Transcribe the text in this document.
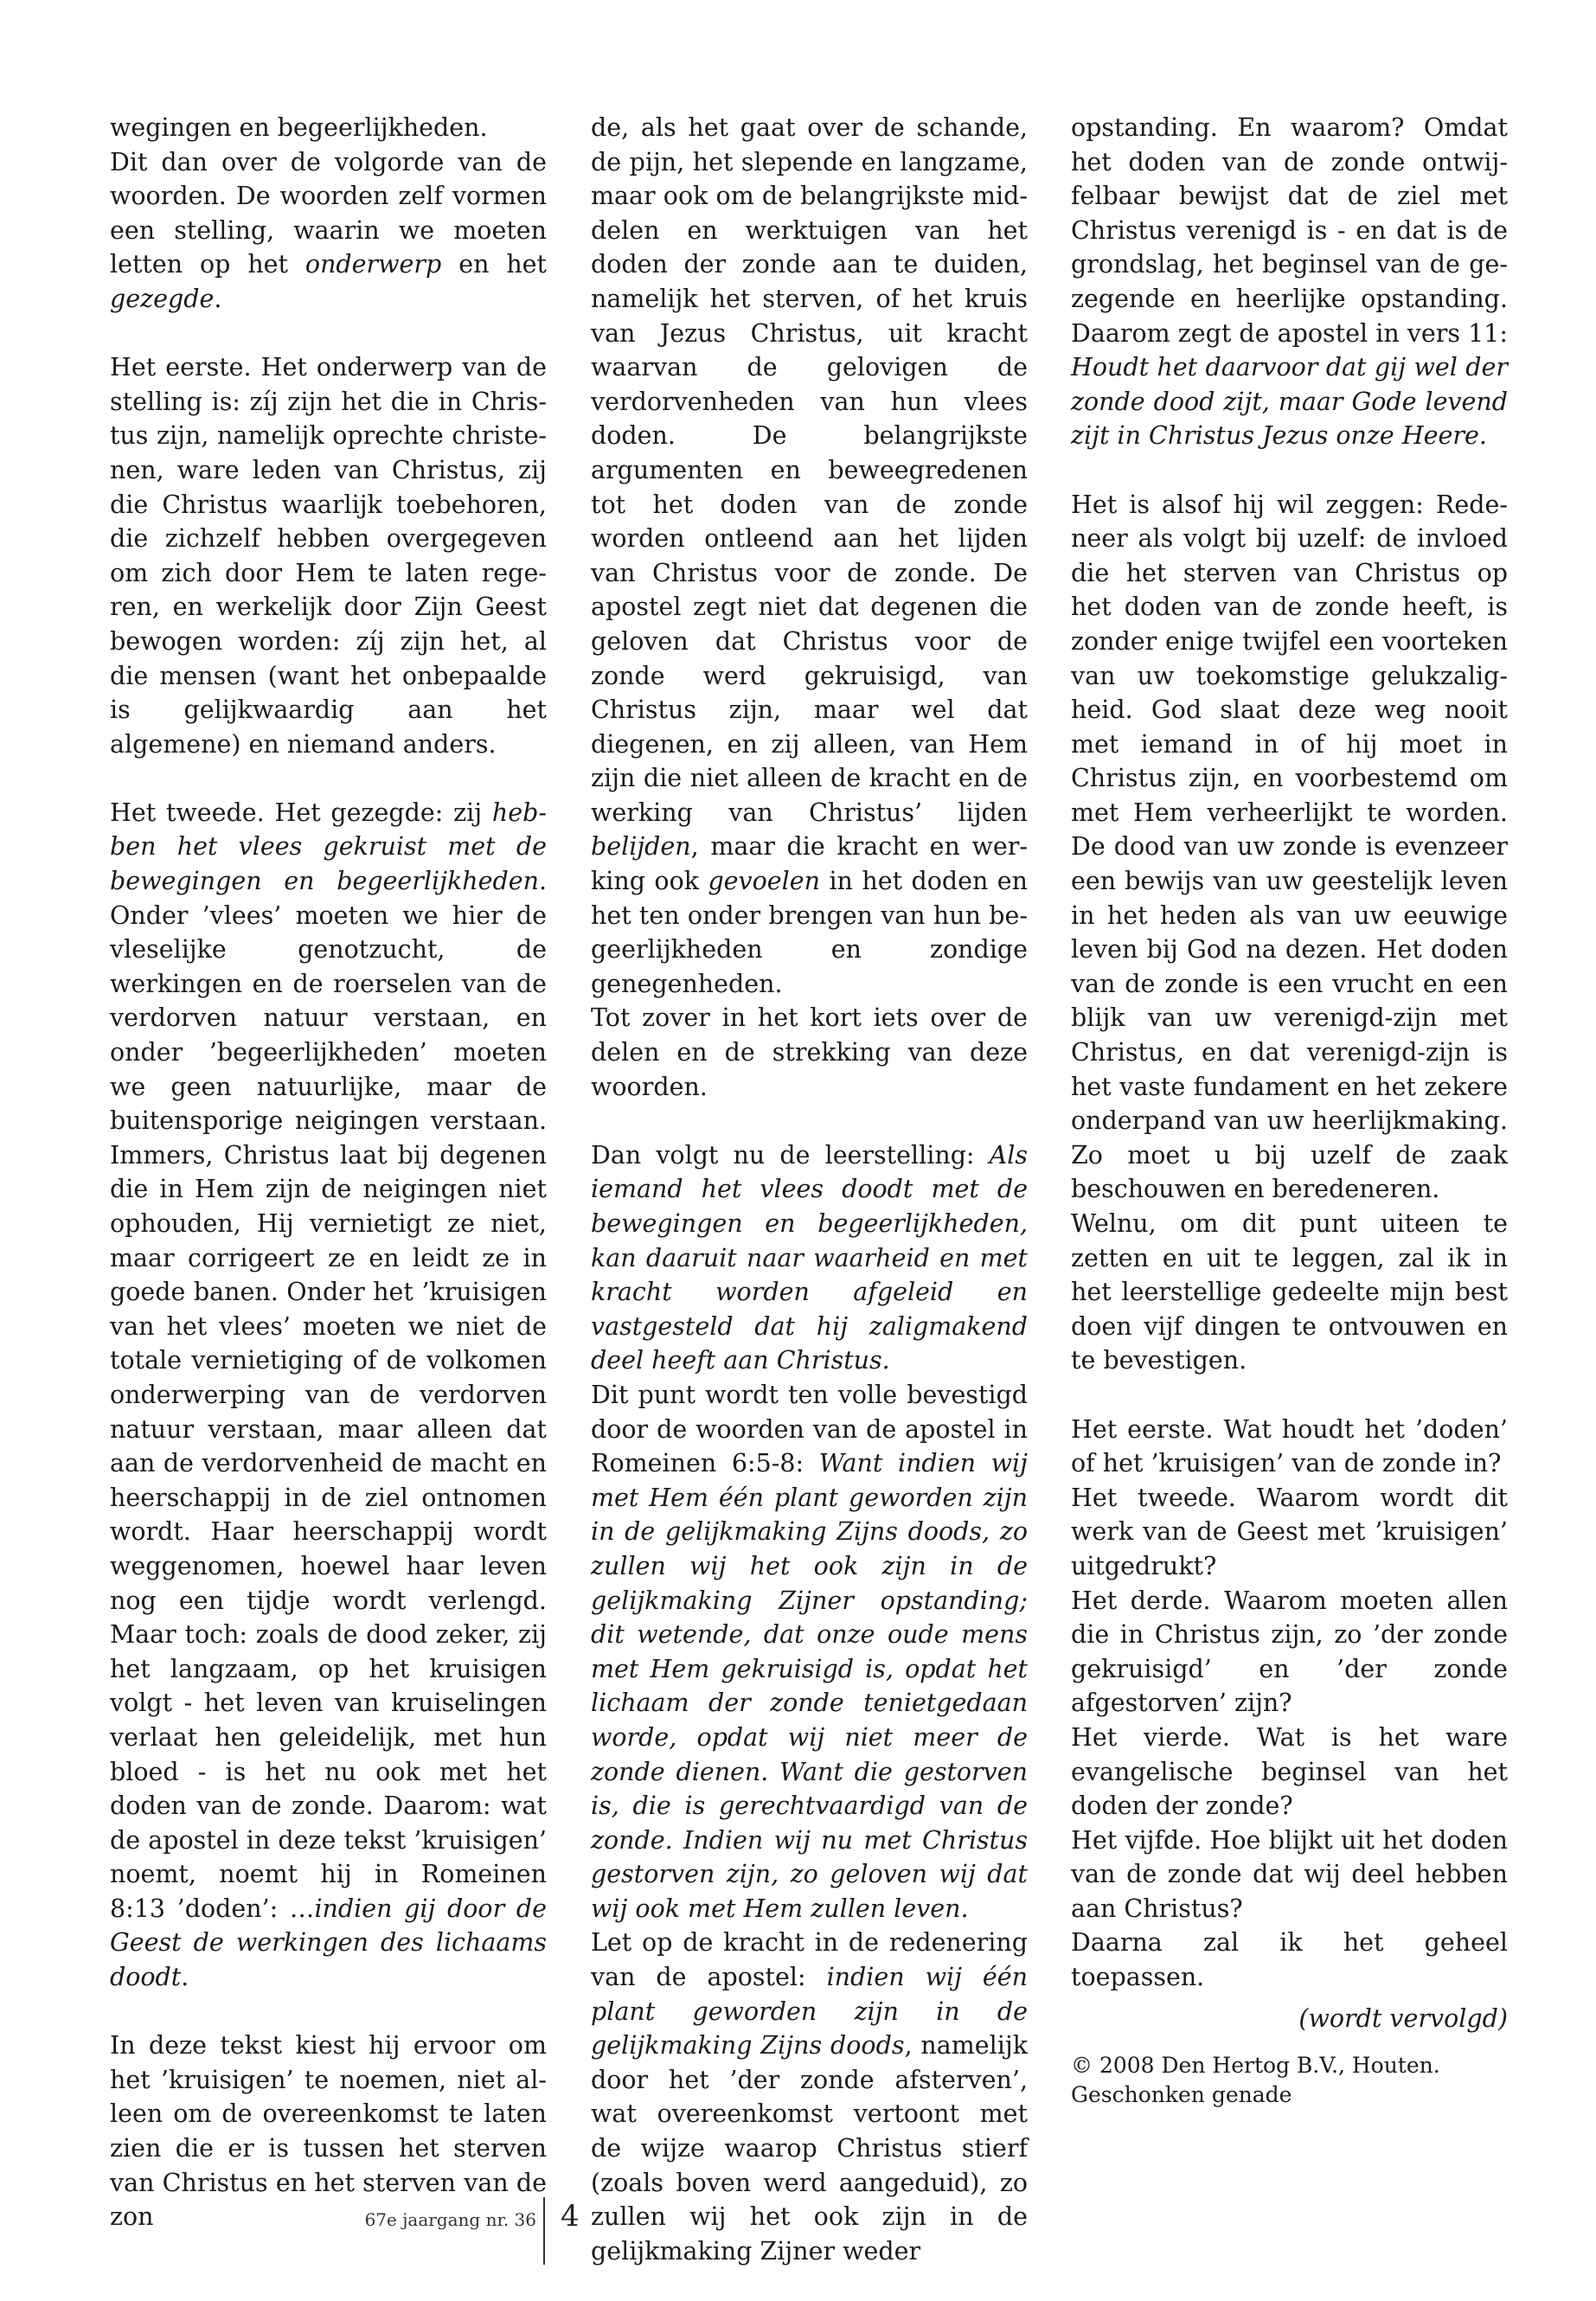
wegingen en begeerlijkheden.

Dit dan over de volgorde van de woorden. De woorden zelf vormen een stelling, waarin we moeten letten op het onderwerp en het gezegde.

Het eerste. Het onderwerp van de stelling is: zíj zijn het die in Christus zijn, namelijk oprechte christenen, ware leden van Christus, zij die Christus waarlijk toebehoren, die zichzelf hebben overgegeven om zich door Hem te laten regeren, en werkelijk door Zijn Geest bewogen worden: zíj zijn het, al die mensen (want het onbepaalde is gelijkwaardig aan het algemene) en niemand anders.

Het tweede. Het gezegde: zij hebben het vlees gekruist met de bewegingen en begeerlijkheden. Onder ’vlees’ moeten we hier de vleselijke genotzucht, de werkingen en de roerselen van de verdorven natuur verstaan, en onder ’begeerlijkheden’ moeten we geen natuurlijke, maar de buitensporige neigingen verstaan. Immers, Christus laat bij degenen die in Hem zijn de neigingen niet ophouden, Hij vernietigt ze niet, maar corrigeert ze en leidt ze in goede banen. Onder het ’kruisigen van het vlees’ moeten we niet de totale vernietiging of de volkomen onderwerping van de verdorven natuur verstaan, maar alleen dat aan de verdorvenheid de macht en heerschappij in de ziel ontnomen wordt. Haar heerschappij wordt weggenomen, hoewel haar leven nog een tijdje wordt verlengd. Maar toch: zoals de dood zeker, zij het langzaam, op het kruisigen volgt - het leven van kruiselingen verlaat hen geleidelijk, met hun bloed - is het nu ook met het doden van de zonde. Daarom: wat de apostel in deze tekst ’kruisigen’ noemt, noemt hij in Romeinen 8:13 ’doden’: …indien gij door de Geest de werkingen des lichaams doodt.

In deze tekst kiest hij ervoor om het ’kruisigen’ te noemen, niet alleen om de overeenkomst te laten zien die er is tussen het sterven van Christus en het sterven van de zon

de, als het gaat over de schande, de pijn, het slepende en langzame, maar ook om de belangrijkste middelen en werktuigen van het doden der zonde aan te duiden, namelijk het sterven, of het kruis van Jezus Christus, uit kracht waarvan de gelovigen de verdorvenheden van hun vlees doden. De belangrijkste argumenten en beweegredenen tot het doden van de zonde worden ontleend aan het lijden van Christus voor de zonde. De apostel zegt niet dat degenen die geloven dat Christus voor de zonde werd gekruisigd, van Christus zijn, maar wel dat diegenen, en zij alleen, van Hem zijn die niet alleen de kracht en de werking van Christus’ lijden belijden, maar die kracht en werking ook gevoelen in het doden en het ten onder brengen van hun begeerlijkheden en zondige genegenheden.

Tot zover in het kort iets over de delen en de strekking van deze woorden.

Dan volgt nu de leerstelling: Als iemand het vlees doodt met de bewegingen en begeerlijkheden, kan daaruit naar waarheid en met kracht worden afgeleid en vastgesteld dat hij zaligmakend deel heeft aan Christus.

Dit punt wordt ten volle bevestigd door de woorden van de apostel in Romeinen 6:5-8: Want indien wij met Hem één plant geworden zijn in de gelijkmaking Zijns doods, zo zullen wij het ook zijn in de gelijkmaking Zijner opstanding; dit wetende, dat onze oude mens met Hem gekruisigd is, opdat het lichaam der zonde tenietgedaan worde, opdat wij niet meer de zonde dienen. Want die gestorven is, die is gerechtvaardigd van de zonde. Indien wij nu met Christus gestorven zijn, zo geloven wij dat wij ook met Hem zullen leven.

Let op de kracht in de redenering van de apostel: indien wij één plant geworden zijn in de gelijkmaking Zijns doods, namelijk door het ’der zonde afsterven’, wat overeenkomst vertoont met de wijze waarop Christus stierf (zoals boven werd aangeduid), zo zullen wij het ook zijn in de gelijkmaking Zijner weder

opstanding. En waarom? Omdat het doden van de zonde ontwijfelbaar bewijst dat de ziel met Christus verenigd is - en dat is de grondslag, het beginsel van de gezegende en heerlijke opstanding. Daarom zegt de apostel in vers 11: Houdt het daarvoor dat gij wel der zonde dood zijt, maar Gode levend zijt in Christus Jezus onze Heere.

Het is alsof hij wil zeggen: Redeneer als volgt bij uzelf: de invloed die het sterven van Christus op het doden van de zonde heeft, is zonder enige twijfel een voorteken van uw toekomstige gelukzaligheid. God slaat deze weg nooit met iemand in of hij moet in Christus zijn, en voorbestemd om met Hem verheerlijkt te worden. De dood van uw zonde is evenzeer een bewijs van uw geestelijk leven in het heden als van uw eeuwige leven bij God na dezen. Het doden van de zonde is een vrucht en een blijk van uw verenigd-zijn met Christus, en dat verenigd-zijn is het vaste fundament en het zekere onderpand van uw heerlijkmaking. Zo moet u bij uzelf de zaak beschouwen en beredeneren.

Welnu, om dit punt uiteen te zetten en uit te leggen, zal ik in het leerstellige gedeelte mijn best doen vijf dingen te ontvouwen en te bevestigen.

Het eerste. Wat houdt het ’doden’ of het ’kruisigen’ van de zonde in?

Het tweede. Waarom wordt dit werk van de Geest met ’kruisigen’ uitgedrukt?

Het derde. Waarom moeten allen die in Christus zijn, zo ’der zonde gekruisigd’ en ’der zonde afgestorven’ zijn?

Het vierde. Wat is het ware evangelische beginsel van het doden der zonde?

Het vijfde. Hoe blijkt uit het doden van de zonde dat wij deel hebben aan Christus?

Daarna zal ik het geheel toepassen.

(wordt vervolgd)

© 2008 Den Hertog B.V., Houten.
Geschonken genade

67e jaargang nr. 36 4
